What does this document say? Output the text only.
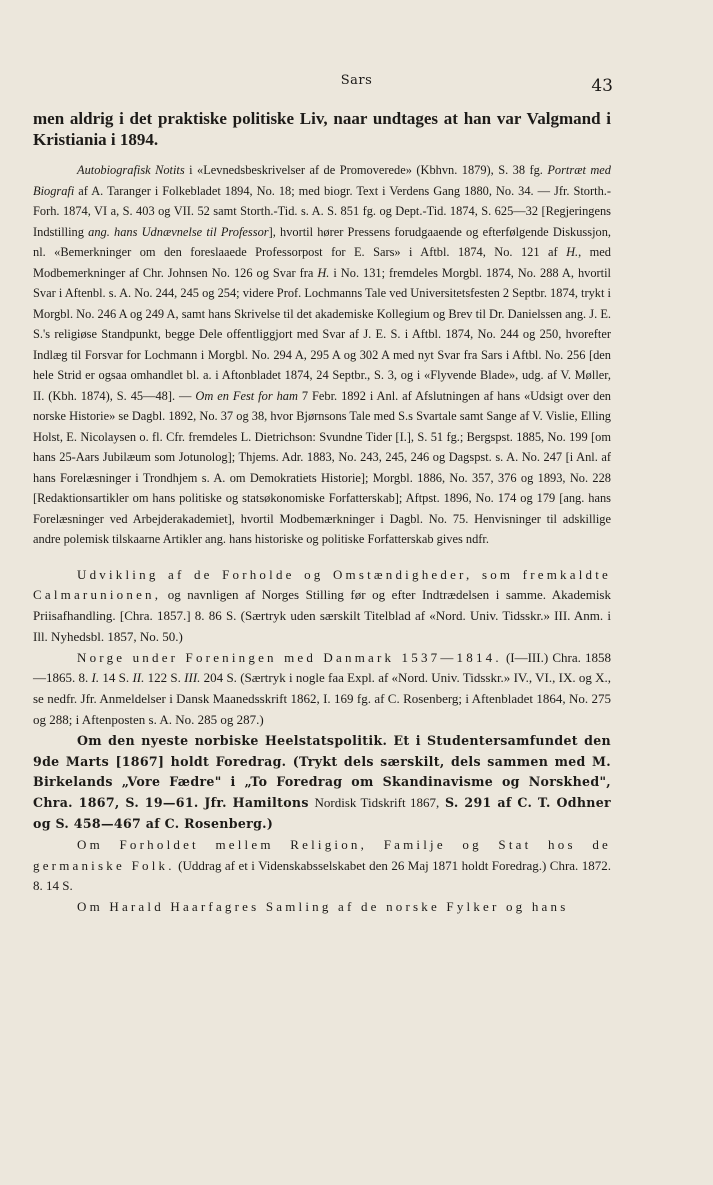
Sars	43

men aldrig i det praktiske politiske Liv, naar undtages at han var Valgmand i Kristiania i 1894.

Autobiografisk Notits i «Levnedsbeskrivelser af de Promoverede» (Kbhvn. 1879), S. 38 fg. Portræt med Biografi af A. Taranger i Folkebladet 1894, No. 18; med biogr. Text i Verdens Gang 1880, No. 34. — Jfr. Storth.-Forh. 1874, VI a, S. 403 og VII. 52 samt Storth.-Tid. s. A. S. 851 fg. og Dept.-Tid. 1874, S. 625—32 [Regjeringens Indstilling ang. hans Udnævnelse til Professor], hvortil hører Pressens forudgaaende og efterfølgende Diskussjon, nl. «Bemerkninger om den foreslaaede Professorpost for E. Sars» i Aftbl. 1874, No. 121 af H., med Modbemerkninger af Chr. Johnsen No. 126 og Svar fra H. i No. 131; fremdeles Morgbl. 1874, No. 288 A, hvortil Svar i Aftenbl. s. A. No. 244, 245 og 254; videre Prof. Lochmanns Tale ved Universitetsfesten 2 Septbr. 1874, trykt i Morgbl. No. 246 A og 249 A, samt hans Skrivelse til det akademiske Kollegium og Brev til Dr. Danielssen ang. J. E. S.'s religiøse Standpunkt, begge Dele offentliggjort med Svar af J. E. S. i Aftbl. 1874, No. 244 og 250, hvorefter Indlæg til Forsvar for Lochmann i Morgbl. No. 294 A, 295 A og 302 A med nyt Svar fra Sars i Aftbl. No. 256 [den hele Strid er ogsaa omhandlet bl. a. i Aftonbladet 1874, 24 Septbr., S. 3, og i «Flyvende Blade», udg. af V. Møller, II. (Kbh. 1874), S. 45—48]. — Om en Fest for ham 7 Febr. 1892 i Anl. af Afslutningen af hans «Udsigt over den norske Historie» se Dagbl. 1892, No. 37 og 38, hvor Bjørnsons Tale med S.s Svartale samt Sange af V. Vislie, Elling Holst, E. Nicolaysen o. fl. Cfr. fremdeles L. Dietrichson: Svundne Tider [I.], S. 51 fg.; Bergspst. 1885, No. 199 [om hans 25-Aars Jubilæum som Jotunolog]; Thjems. Adr. 1883, No. 243, 245, 246 og Dagspst. s. A. No. 247 [i Anl. af hans Forelæsninger i Trondhjem s. A. om Demokratiets Historie]; Morgbl. 1886, No. 357, 376 og 1893, No. 228 [Redaktionsartikler om hans politiske og statsøkonomiske Forfatterskab]; Aftpst. 1896, No. 174 og 179 [ang. hans Forelæsninger ved Arbejderakademiet], hvortil Modbemærkninger i Dagbl. No. 75. Henvisninger til adskillige andre polemisk tilskaarne Artikler ang. hans historiske og politiske Forfatterskab gives ndfr.

Udvikling af de Forholde og Omstændigheder, som fremkaldte Calmarunionen, og navnligen af Norges Stilling før og efter Indtrædelsen i samme. Akademisk Priisafhandling. [Chra. 1857.] 8. 86 S. (Særtryk uden særskilt Titelblad af «Nord. Univ. Tidsskr.» III. Anm. i Ill. Nyhedsbl. 1857, No. 50.)

Norge under Foreningen med Danmark 1537—1814. (I—III.) Chra. 1858—1865. 8. I. 14 S. II. 122 S. III. 204 S. (Særtryk i nogle faa Expl. af «Nord. Univ. Tidsskr.» IV., VI., IX. og X., se nedfr. Jfr. Anmeldelser i Dansk Maanedsskrift 1862, I. 169 fg. af C. Rosenberg; i Aftenbladet 1864, No. 275 og 288; i Aftenposten s. A. No. 285 og 287.)

Om den nyeste norbiske Heelstatspolitik. Et i Studentersamfundet den 9de Marts [1867] holdt Foredrag. (Trykt dels særskilt, dels sammen med M. Birkelands „Vore Fædre" i „To Foredrag om Skandinavisme og Norskhed", Chra. 1867, S. 19—61. Jfr. Hamiltons Nordisk Tidskrift 1867, S. 291 af C. T. Odhner og S. 458—467 af C. Rosenberg.)

Om Forholdet mellem Religion, Familje og Stat hos de germaniske Folk. (Uddrag af et i Videnskabsselskabet den 26 Maj 1871 holdt Foredrag.) Chra. 1872. 8. 14 S.

Om Harald Haarfagres Samling af de norske Fylker og hans
